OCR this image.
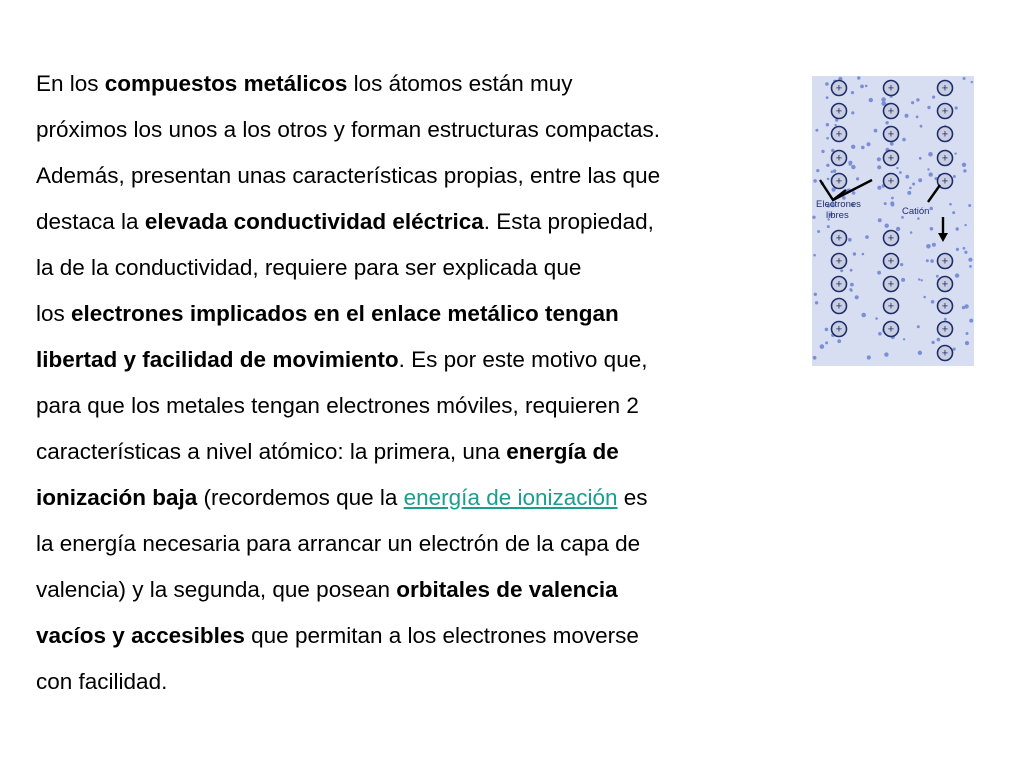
En los compuestos metálicos los átomos están muy
próximos los unos a los otros y forman estructuras compactas.
Además, presentan unas características propias, entre las que
destaca la elevada conductividad eléctrica. Esta propiedad,
la de la conductividad, requiere para ser explicada que
los electrones implicados en el enlace metálico tengan
libertad y facilidad de movimiento. Es por este motivo que,
para que los metales tengan electrones móviles, requieren 2
características a nivel atómico: la primera, una energía de
ionización baja (recordemos que la energía de ionización es
la energía necesaria para arrancar un electrón de la capa de
valencia) y la segunda, que posean orbitales de valencia
vacíos y accesibles que permitan a los electrones moverse
con facilidad.
+
+
+
+
+
+
+
+
+
+
+
+
+
+
+
+
+
+
+
+
+
+
+
+
+
+
+
+
+
+
Electrones
libres	Catión
